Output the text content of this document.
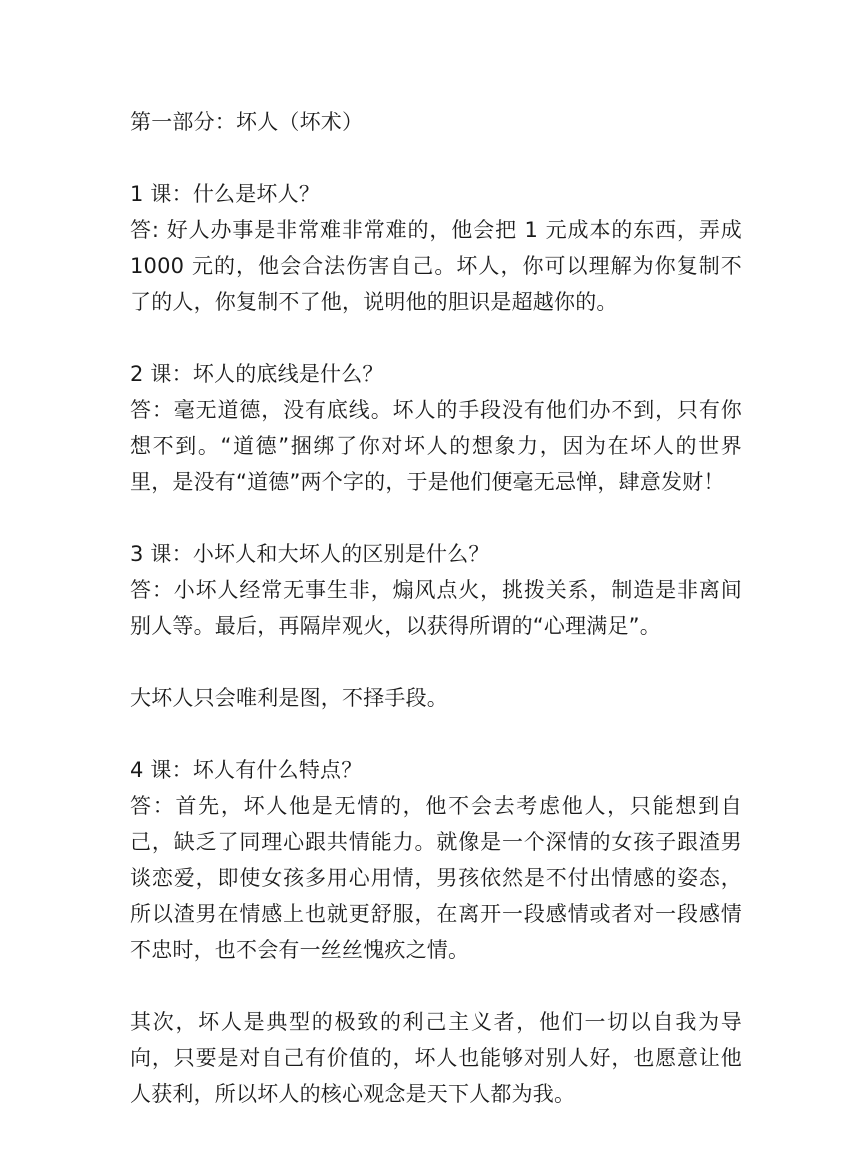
第一部分：坏人（坏术）

1 课：什么是坏人？

答: 好人办事是非常难非常难的，他会把 1 元成本的东西，弄成 1000 元的，他会合法伤害自己。坏人，你可以理解为你复制不了的人，你复制不了他，说明他的胆识是超越你的。

2 课：坏人的底线是什么？

答：毫无道德，没有底线。坏人的手段没有他们办不到，只有你想不到。“道德”捆绑了你对坏人的想象力，因为在坏人的世界里，是没有“道德”两个字的，于是他们便毫无忌惮，肆意发财！

3 课：小坏人和大坏人的区别是什么？

答：小坏人经常无事生非，煽风点火，挑拨关系，制造是非离间别人等。最后，再隔岸观火，以获得所谓的“心理满足”。

大坏人只会唯利是图，不择手段。

4 课：坏人有什么特点？

答：首先，坏人他是无情的，他不会去考虑他人，只能想到自己，缺乏了同理心跟共情能力。就像是一个深情的女孩子跟渣男谈恋爱，即使女孩多用心用情，男孩依然是不付出情感的姿态，所以渣男在情感上也就更舒服，在离开一段感情或者对一段感情不忠时，也不会有一丝丝愧疚之情。

其次，坏人是典型的极致的利己主义者，他们一切以自我为导向，只要是对自己有价值的，坏人也能够对别人好，也愿意让他人获利，所以坏人的核心观念是天下人都为我。
